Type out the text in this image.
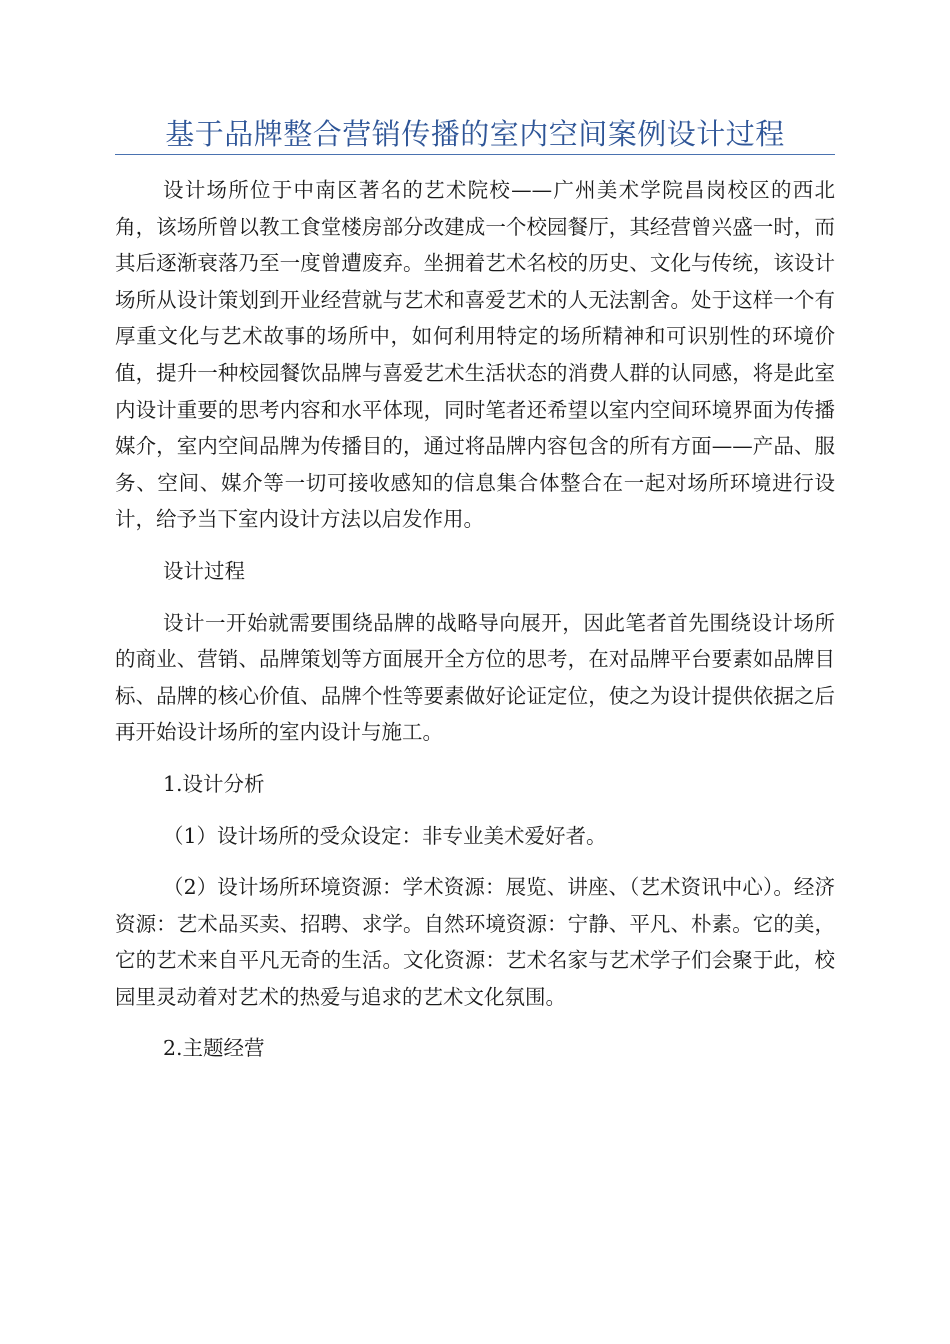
基于品牌整合营销传播的室内空间案例设计过程

设计场所位于中南区著名的艺术院校——广州美术学院昌岗校区的西北角，该场所曾以教工食堂楼房部分改建成一个校园餐厅，其经营曾兴盛一时，而其后逐渐衰落乃至一度曾遭废弃。坐拥着艺术名校的历史、文化与传统，该设计场所从设计策划到开业经营就与艺术和喜爱艺术的人无法割舍。处于这样一个有厚重文化与艺术故事的场所中，如何利用特定的场所精神和可识别性的环境价值，提升一种校园餐饮品牌与喜爱艺术生活状态的消费人群的认同感，将是此室内设计重要的思考内容和水平体现，同时笔者还希望以室内空间环境界面为传播媒介，室内空间品牌为传播目的，通过将品牌内容包含的所有方面——产品、服务、空间、媒介等一切可接收感知的信息集合体整合在一起对场所环境进行设计，给予当下室内设计方法以启发作用。

设计过程

设计一开始就需要围绕品牌的战略导向展开，因此笔者首先围绕设计场所的商业、营销、品牌策划等方面展开全方位的思考，在对品牌平台要素如品牌目标、品牌的核心价值、品牌个性等要素做好论证定位，使之为设计提供依据之后再开始设计场所的室内设计与施工。

1.设计分析

（1）设计场所的受众设定：非专业美术爱好者。

（2）设计场所环境资源：学术资源：展览、讲座、（艺术资讯中心）。经济资源：艺术品买卖、招聘、求学。自然环境资源：宁静、平凡、朴素。它的美，它的艺术来自平凡无奇的生活。文化资源：艺术名家与艺术学子们会聚于此，校园里灵动着对艺术的热爱与追求的艺术文化氛围。

2.主题经营
